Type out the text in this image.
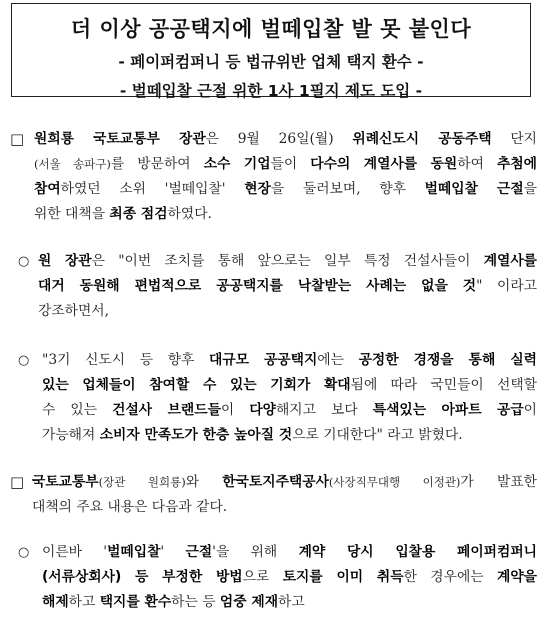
더 이상 공공택지에 벌떼입찰 발 못 붙인다
- 페이퍼컴퍼니 등 법규위반 업체 택지 환수 -
- 벌떼입찰 근절 위한 1사 1필지 제도 도입 -
□ 원희룡 국토교통부 장관은 9월 26일(월) 위례신도시 공동주택 단지
(서울 송파구)를 방문하여 소수 기업들이 다수의 계열사를 동원하여 추첨에
참여하였던 소위 '벌떼입찰' 현장을 둘러보며, 향후 벌떼입찰 근절을
위한 대책을 최종 점검하였다.
○ 원 장관은 "이번 조치를 통해 앞으로는 일부 특정 건설사들이 계열사를
대거 동원해 편법적으로 공공택지를 낙찰받는 사례는 없을 것" 이라고
강조하면서,
○ "3기 신도시 등 향후 대규모 공공택지에는 공정한 경쟁을 통해 실력
있는 업체들이 참여할 수 있는 기회가 확대됨에 따라 국민들이 선택할
수 있는 건설사 브랜드들이 다양해지고 보다 특색있는 아파트 공급이
가능해져 소비자 만족도가 한층 높아질 것으로 기대한다" 라고 밝혔다.
□ 국토교통부(장관 원희룡)와 한국토지주택공사(사장직무대행 이정관)가 발표한
대책의 주요 내용은 다음과 같다.
○ 이른바 '벌떼입찰' 근절'을 위해 계약 당시 입찰용 페이퍼컴퍼니
(서류상회사) 등 부정한 방법으로 토지를 이미 취득한 경우에는 계약을
해제하고 택지를 환수하는 등 엄중 제재하고
